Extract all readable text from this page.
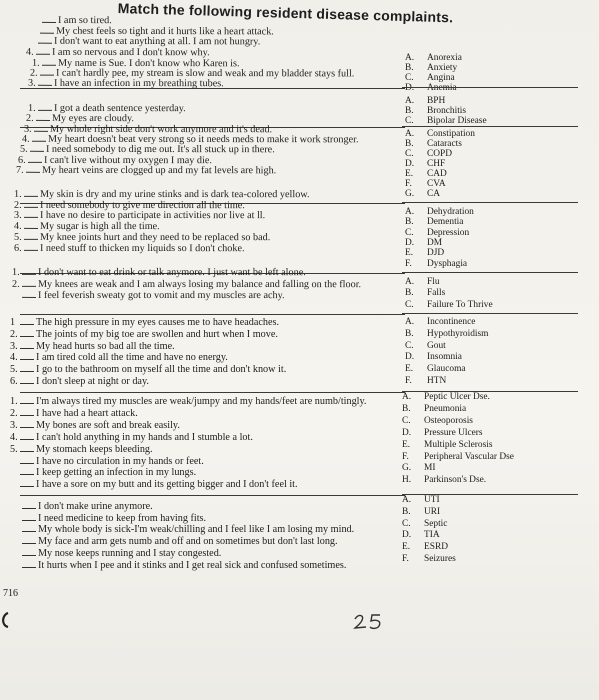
Match the following resident disease complaints.
I am so tired.
My chest feels so tight and it hurts like a heart attack.
I don't want to eat anything at all. I am not hungry.
4. I am so nervous and I don't know why.
A. Anorexia
B. Anxiety
C. Angina
D. Anemia
1. My name is Sue. I don't know who Karen is.
2. I can't hardly pee, my stream is slow and weak and my bladder stays full.
3. I have an infection in my breathing tubes.
A. BPH
B. Bronchitis
C. Bipolar Disease
1. I got a death sentence yesterday.
2. My eyes are cloudy.
3. My whole right side don't work anymore and it's dead.
4. My heart doesn't beat very strong so it needs meds to make it work stronger.
5. I need somebody to dig me out. It's all stuck up in there.
6. I can't live without my oxygen I may die.
7. My heart veins are clogged up and my fat levels are high.
A. Constipation
B. Cataracts
C. COPD
D. CHF
E. CAD
F. CVA
G. CA
1. My skin is dry and my urine stinks and is dark tea-colored yellow.
2. I need somebody to give me direction all the time.
3. I have no desire to participate in activities nor live at ll.
4. My sugar is high all the time.
5. My knee joints hurt and they need to be replaced so bad.
6. I need stuff to thicken my liquids so I don't choke.
A. Dehydration
B. Dementia
C. Depression
D. DM
E. DJD
F. Dysphagia
1. I don't want to eat drink or talk anymore. I just want be left alone.
2. My knees are weak and I am always losing my balance and falling on the floor.
I feel feverish sweaty got to vomit and my muscles are achy.
A. Flu
B. Falls
C. Failure To Thrive
1 The high pressure in my eyes causes me to have headaches.
2. The joints of my big toe are swollen and hurt when I move.
3. My head hurts so bad all the time.
4. I am tired cold all the time and have no energy.
5. I go to the bathroom on myself all the time and don't know it.
6. I don't sleep at night or day.
A. Incontinence
B. Hypothyroidism
C. Gout
D. Insomnia
E. Glaucoma
F. HTN
1. I'm always tired my muscles are weak/jumpy and my hands/feet are numb/tingly.
2. I have had a heart attack.
3. My bones are soft and break easily.
4. I can't hold anything in my hands and I stumble a lot.
5. My stomach keeps bleeding.
I have no circulation in my hands or feet.
I keep getting an infection in my lungs.
I have a sore on my butt and its getting bigger and I don't feel it.
A. Peptic Ulcer Dse.
B. Pneumonia
C. Osteoporosis
D. Pressure Ulcers
E. Multiple Sclerosis
F. Peripheral Vascular Dse
G. MI
H. Parkinson's Dse.
I don't make urine anymore.
I need medicine to keep from having fits.
My whole body is sick-I'm weak/chilling and I feel like I am losing my mind.
My face and arm gets numb and off and on sometimes but don't last long.
My nose keeps running and I stay congested.
It hurts when I pee and it stinks and I get real sick and confused sometimes.
A. UTI
B. URI
C. Septic
D. TIA
E. ESRD
F. Seizures
716
